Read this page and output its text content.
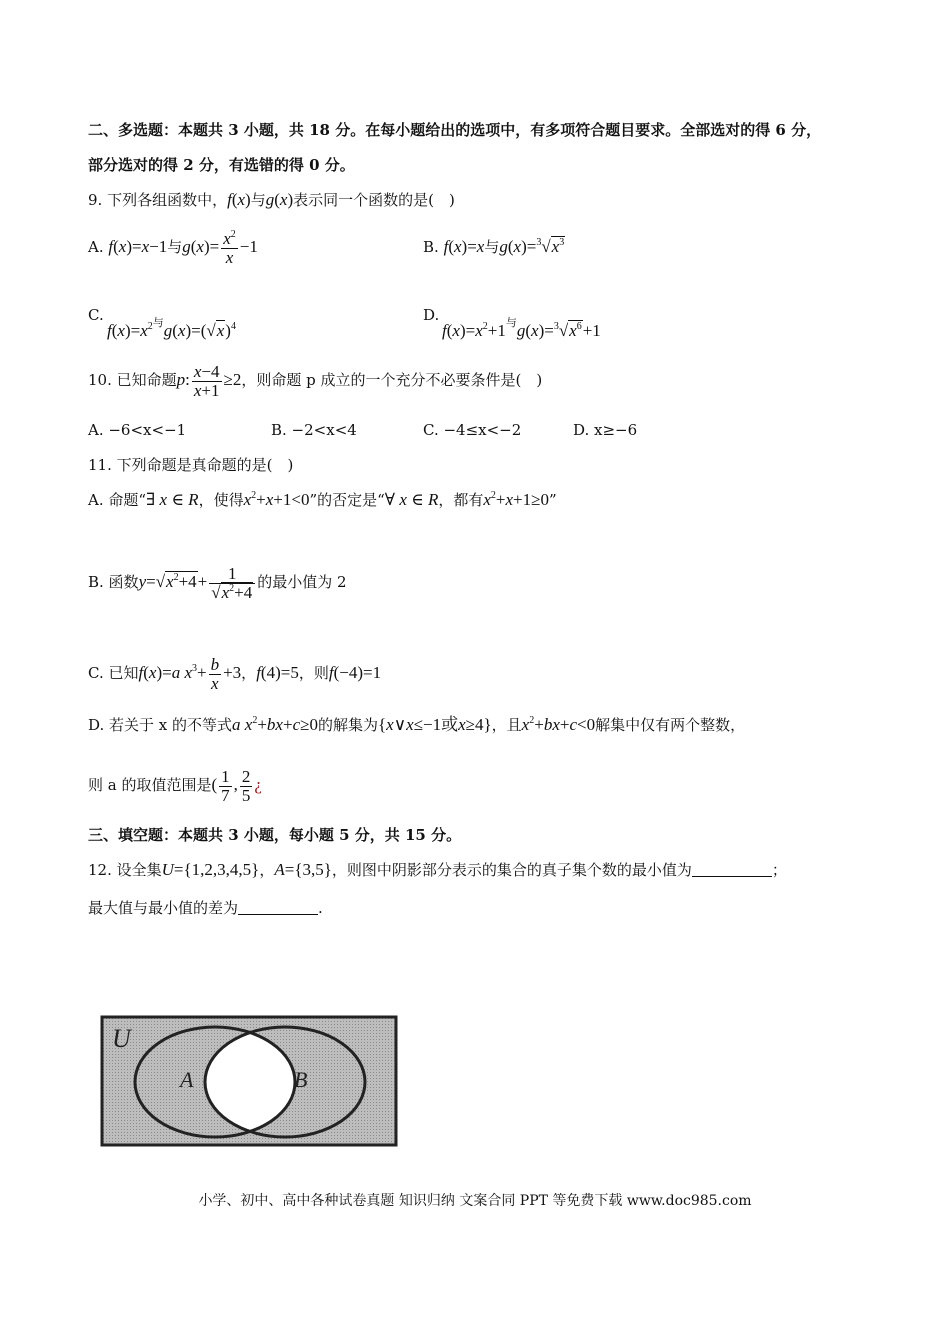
二、多选题：本题共 3 小题，共 18 分。在每小题给出的选项中，有多项符合题目要求。全部选对的得 6 分，
部分选对的得 2 分，有选错的得 0 分。
9. 下列各组函数中，f(x)与g(x)表示同一个函数的是(　)
A. f(x)=x−1与$g(x)= \frac{x^2}{x} -1$	B. f(x)=x与$g(x)=^3√x^3$
C.
$f(x)=x^{2与}g(x)=(√x)^4$
D.
$f(x)=x^2+1^与g(x)=^3√x^6+1$
10. 已知命题p: $\frac{x-4}{x+1} \ge 2$，则命题 p 成立的一个充分不必要条件是(　)
A. −6<x<−1	B. −2<x<4	C. −4≤x<−2	D. x≥−6
11. 下列命题是真命题的是(　)
A. 命题“∃ x ∈ R，使得$x^2+x+1<0$”的否定是“∀ x ∈ R，都有$x^2+x+1\ge 0$”
B. 函数$y=√x^2+4+ \frac{1}{√x^2+4}$ 的最小值为 2
C. 已知f(x)=a $x^3+ \frac{b}{x} +3$，f(4)=5，则f(−4)=1
D. 若关于 x 的不等式a $x^2+bx+c\ge 0$的解集为{x∨x≤−1或x≥4}，且$x^2+bx+c<0$解集中仅有两个整数，
则 a 的取值范围是( $\frac{1}{7}$ , $\frac{2}{5}$ ¿
三、填空题：本题共 3 小题，每小题 5 分，共 15 分。
12. 设全集U={1,2,3,4,5}，A={3,5}，则图中阴影部分表示的集合的真子集个数的最小值为	；
最大值与最小值的差为	.
U
A	B
小学、初中、高中各种试卷真题 知识归纳 文案合同 PPT 等免费下载 www.doc985.com
